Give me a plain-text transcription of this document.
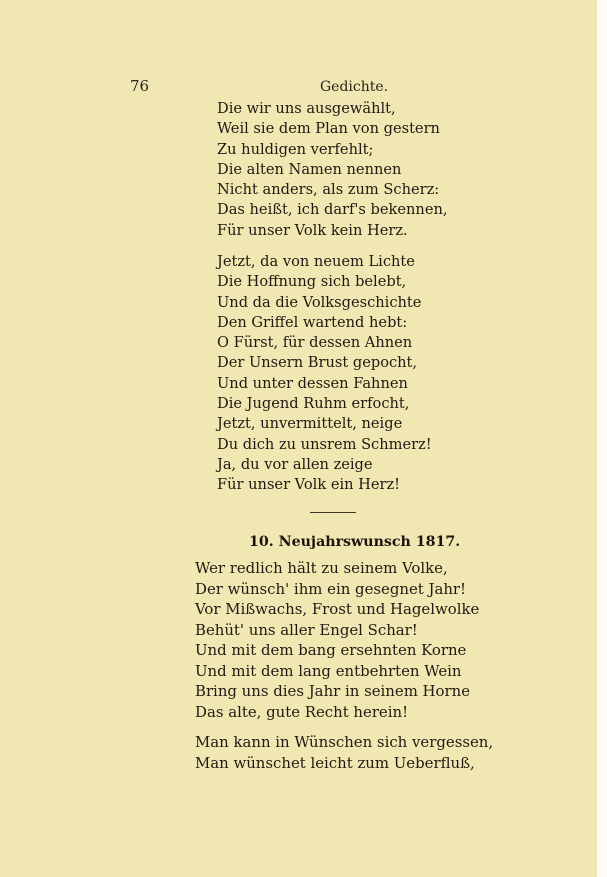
76	Gedichte.
Die wir uns ausgewählt,
Weil sie dem Plan von gestern
Zu huldigen verfehlt;
Die alten Namen nennen
Nicht anders, als zum Scherz:
Das heißt, ich darf's bekennen,
Für unser Volk kein Herz.
Jetzt, da von neuem Lichte
Die Hoffnung sich belebt,
Und da die Volksgeschichte
Den Griffel wartend hebt:
O Fürst, für dessen Ahnen
Der Unsern Brust gepocht,
Und unter dessen Fahnen
Die Jugend Ruhm erfocht,
Jetzt, unvermittelt, neige
Du dich zu unsrem Schmerz!
Ja, du vor allen zeige
Für unser Volk ein Herz!
10. Neujahrswunsch 1817.
Wer redlich hält zu seinem Volke,
Der wünsch' ihm ein gesegnet Jahr!
Vor Mißwachs, Frost und Hagelwolke
Behüt' uns aller Engel Schar!
Und mit dem bang ersehnten Korne
Und mit dem lang entbehrten Wein
Bring uns dies Jahr in seinem Horne
Das alte, gute Recht herein!
Man kann in Wünschen sich vergessen,
Man wünschet leicht zum Ueberfluß,
